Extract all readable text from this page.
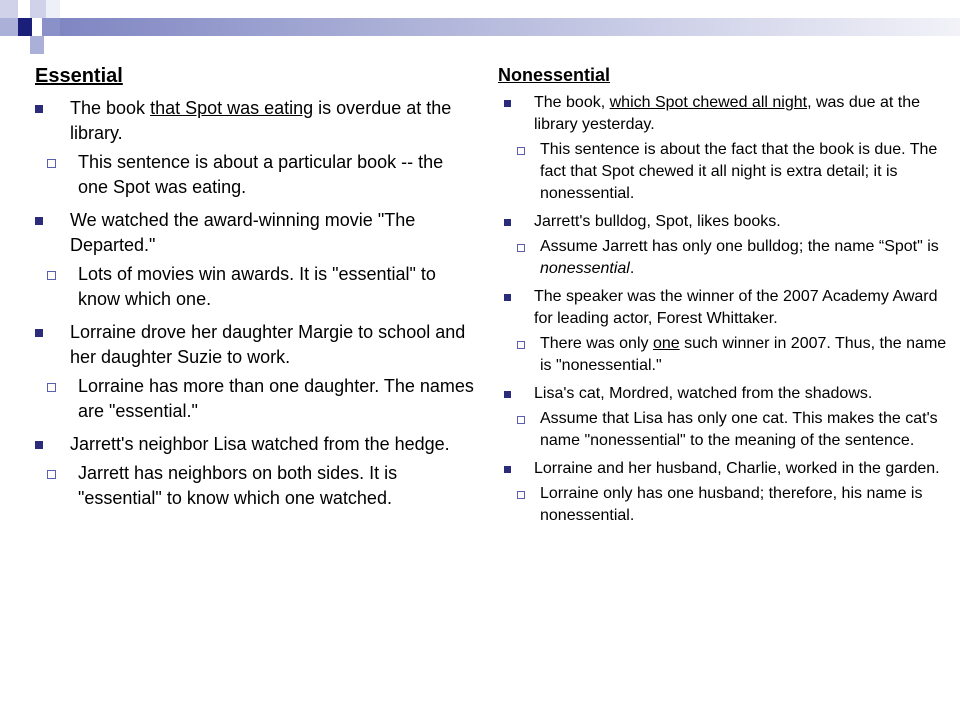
Essential

The book that Spot was eating is overdue at the library.
This sentence is about a particular book -- the one Spot was eating.
We watched the award-winning movie "The Departed."
Lots of movies win awards. It is "essential" to know which one.
Lorraine drove her daughter Margie to school and her daughter Suzie to work.
Lorraine has more than one daughter. The names are "essential."
Jarrett's neighbor Lisa watched from the hedge.
Jarrett has neighbors on both sides. It is "essential" to know which one watched.

Nonessential

The book, which Spot chewed all night, was due at the library yesterday.
This sentence is about the fact that the book is due. The fact that Spot chewed it all night is extra detail; it is nonessential.
Jarrett's bulldog, Spot, likes books.
Assume Jarrett has only one bulldog; the name “Spot" is nonessential.
The speaker was the winner of the 2007 Academy Award for leading actor, Forest Whittaker.
There was only one such winner in 2007. Thus, the name is "nonessential."
Lisa's cat, Mordred, watched from the shadows.
Assume that Lisa has only one cat. This makes the cat's name "nonessential" to the meaning of the sentence.
Lorraine and her husband, Charlie, worked in the garden.
Lorraine only has one husband; therefore, his name is nonessential.
